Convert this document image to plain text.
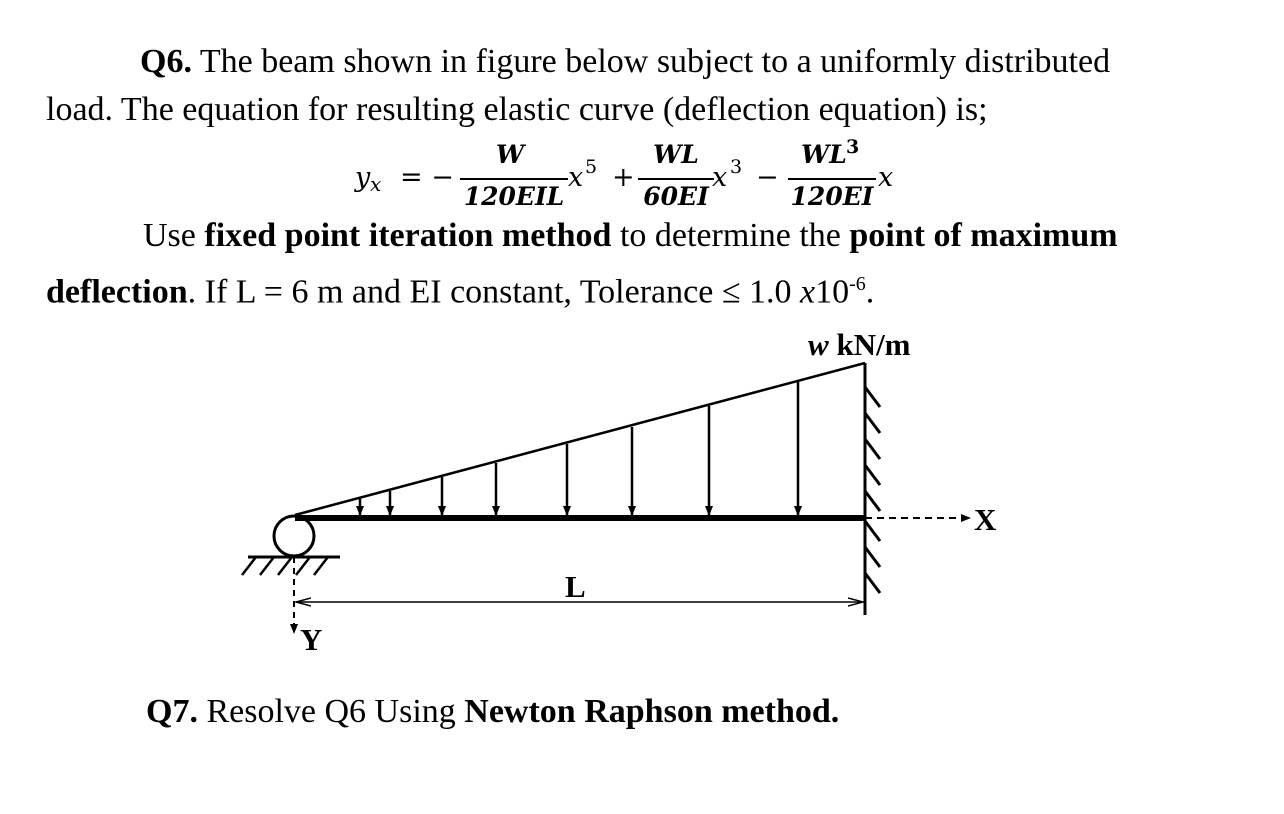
Q6. The beam shown in figure below subject to a uniformly distributed
load. The equation for resulting elastic curve (deflection equation) is;
y x = −
W
120EIL
x 5 +
WL
60EI
x 3 −
WL 3
120EI
x
Use fixed point iteration method to determine the point of maximum
deflection. If L = 6 m and EI constant, Tolerance ≤ 1.0 $x10^{-6}$.
w kN/m
X
Y
L
Q7. Resolve Q6 Using Newton Raphson method.
